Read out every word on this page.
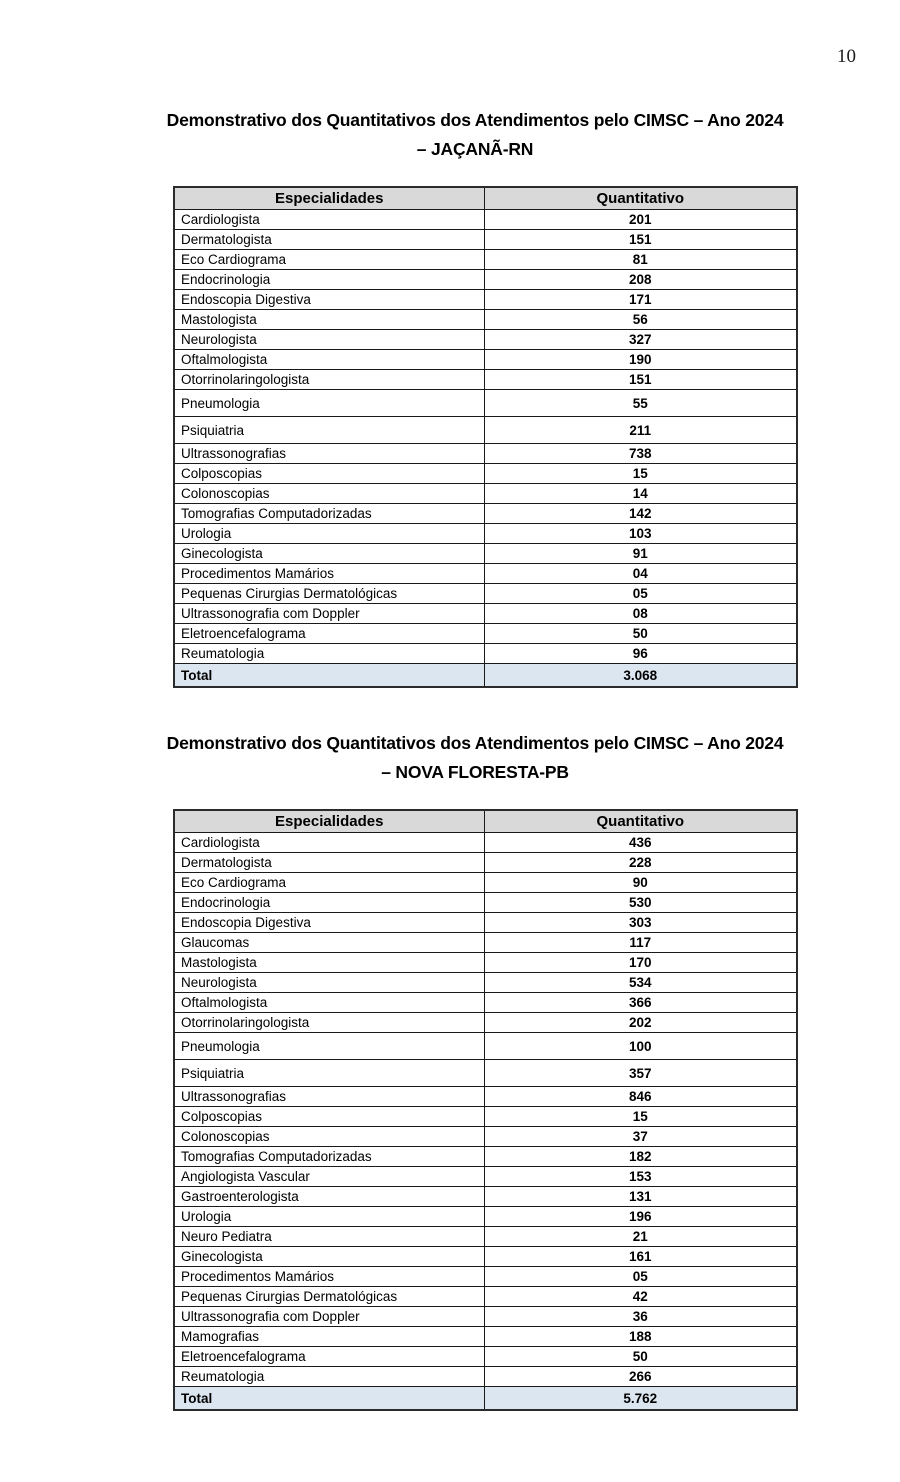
10
Demonstrativo dos Quantitativos dos Atendimentos pelo CIMSC – Ano 2024
– JAÇANÃ-RN
Especialidades	Quantitativo
Cardiologista	201
Dermatologista	151
Eco Cardiograma	81
Endocrinologia	208
Endoscopia Digestiva	171
Mastologista	56
Neurologista	327
Oftalmologista	190
Otorrinolaringologista	151
Pneumologia	55
Psiquiatria	211
Ultrassonografias	738
Colposcopias	15
Colonoscopias	14
Tomografias Computadorizadas	142
Urologia	103
Ginecologista	91
Procedimentos Mamários	04
Pequenas Cirurgias Dermatológicas	05
Ultrassonografia com Doppler	08
Eletroencefalograma	50
Reumatologia	96
Total	3.068
Demonstrativo dos Quantitativos dos Atendimentos pelo CIMSC – Ano 2024
– NOVA FLORESTA-PB
Especialidades	Quantitativo
Cardiologista	436
Dermatologista	228
Eco Cardiograma	90
Endocrinologia	530
Endoscopia Digestiva	303
Glaucomas	117
Mastologista	170
Neurologista	534
Oftalmologista	366
Otorrinolaringologista	202
Pneumologia	100
Psiquiatria	357
Ultrassonografias	846
Colposcopias	15
Colonoscopias	37
Tomografias Computadorizadas	182
Angiologista Vascular	153
Gastroenterologista	131
Urologia	196
Neuro Pediatra	21
Ginecologista	161
Procedimentos Mamários	05
Pequenas Cirurgias Dermatológicas	42
Ultrassonografia com Doppler	36
Mamografias	188
Eletroencefalograma	50
Reumatologia	266
Total	5.762
